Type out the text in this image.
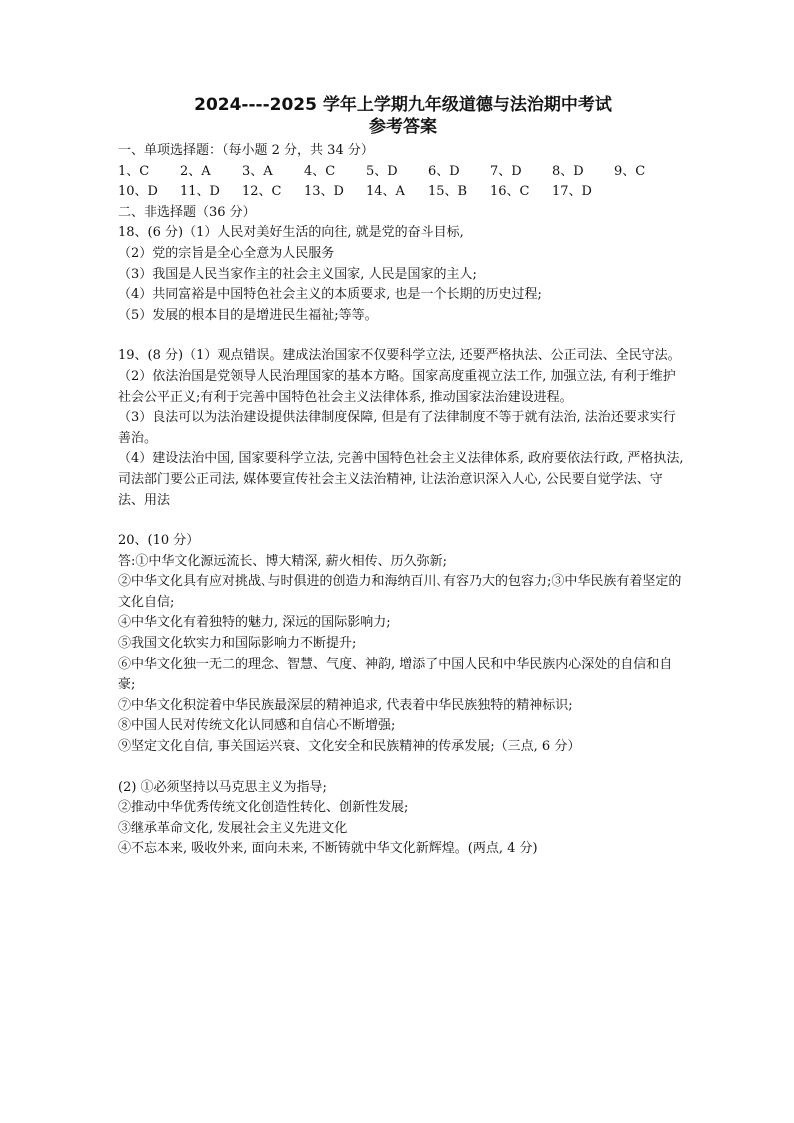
2024----2025 学年上学期九年级道德与法治期中考试

参考答案

一、单项选择题：（每小题 2 分，共 34 分）

1、C	2、A	3、A	4、C	5、D	6、D	7、D	8、D	9、C
10、D	11、D	12、C	13、D	14、A	15、B	16、C	17、D

二、非选择题（36 分）

18、(6 分)（1）人民对美好生活的向往, 就是党的奋斗目标,

（2）党的宗旨是全心全意为人民服务

（3）我国是人民当家作主的社会主义国家, 人民是国家的主人;

（4）共同富裕是中国特色社会主义的本质要求, 也是一个长期的历史过程;

（5）发展的根本目的是增进民生福祉;等等。

19、(8 分)（1）观点错误。建成法治国家不仅要科学立法, 还要严格执法、公正司法、全民守法。

（2）依法治国是党领导人民治理国家的基本方略。国家高度重视立法工作, 加强立法, 有利于维护社会公平正义;有利于完善中国特色社会主义法律体系, 推动国家法治建设进程。

（3）良法可以为法治建设提供法律制度保障, 但是有了法律制度不等于就有法治, 法治还要求实行善治。

（4）建设法治中国, 国家要科学立法, 完善中国特色社会主义法律体系, 政府要依法行政, 严格执法, 司法部门要公正司法, 媒体要宣传社会主义法治精神, 让法治意识深入人心, 公民要自觉学法、守法、用法

20、(10 分）

答:①中华文化源远流长、博大精深, 薪火相传、历久弥新;

②中华文化具有应对挑战､与时俱进的创造力和海纳百川､有容乃大的包容力;③中华民族有着坚定的文化自信;

④中华文化有着独特的魅力, 深远的国际影响力;

⑤我国文化软实力和国际影响力不断提升;

⑥中华文化独一无二的理念、智慧、气度、神韵, 增添了中国人民和中华民族内心深处的自信和自豪;

⑦中华文化积淀着中华民族最深层的精神追求, 代表着中华民族独特的精神标识;

⑧中国人民对传统文化认同感和自信心不断增强;

⑨坚定文化自信, 事关国运兴衰、文化安全和民族精神的传承发展;（三点, 6 分）

(2) ①必须坚持以马克思主义为指导;

②推动中华优秀传统文化创造性转化、创新性发展;

③继承革命文化, 发展社会主义先进文化

④不忘本来, 吸收外来, 面向未来, 不断铸就中华文化新辉煌。(两点, 4 分)
